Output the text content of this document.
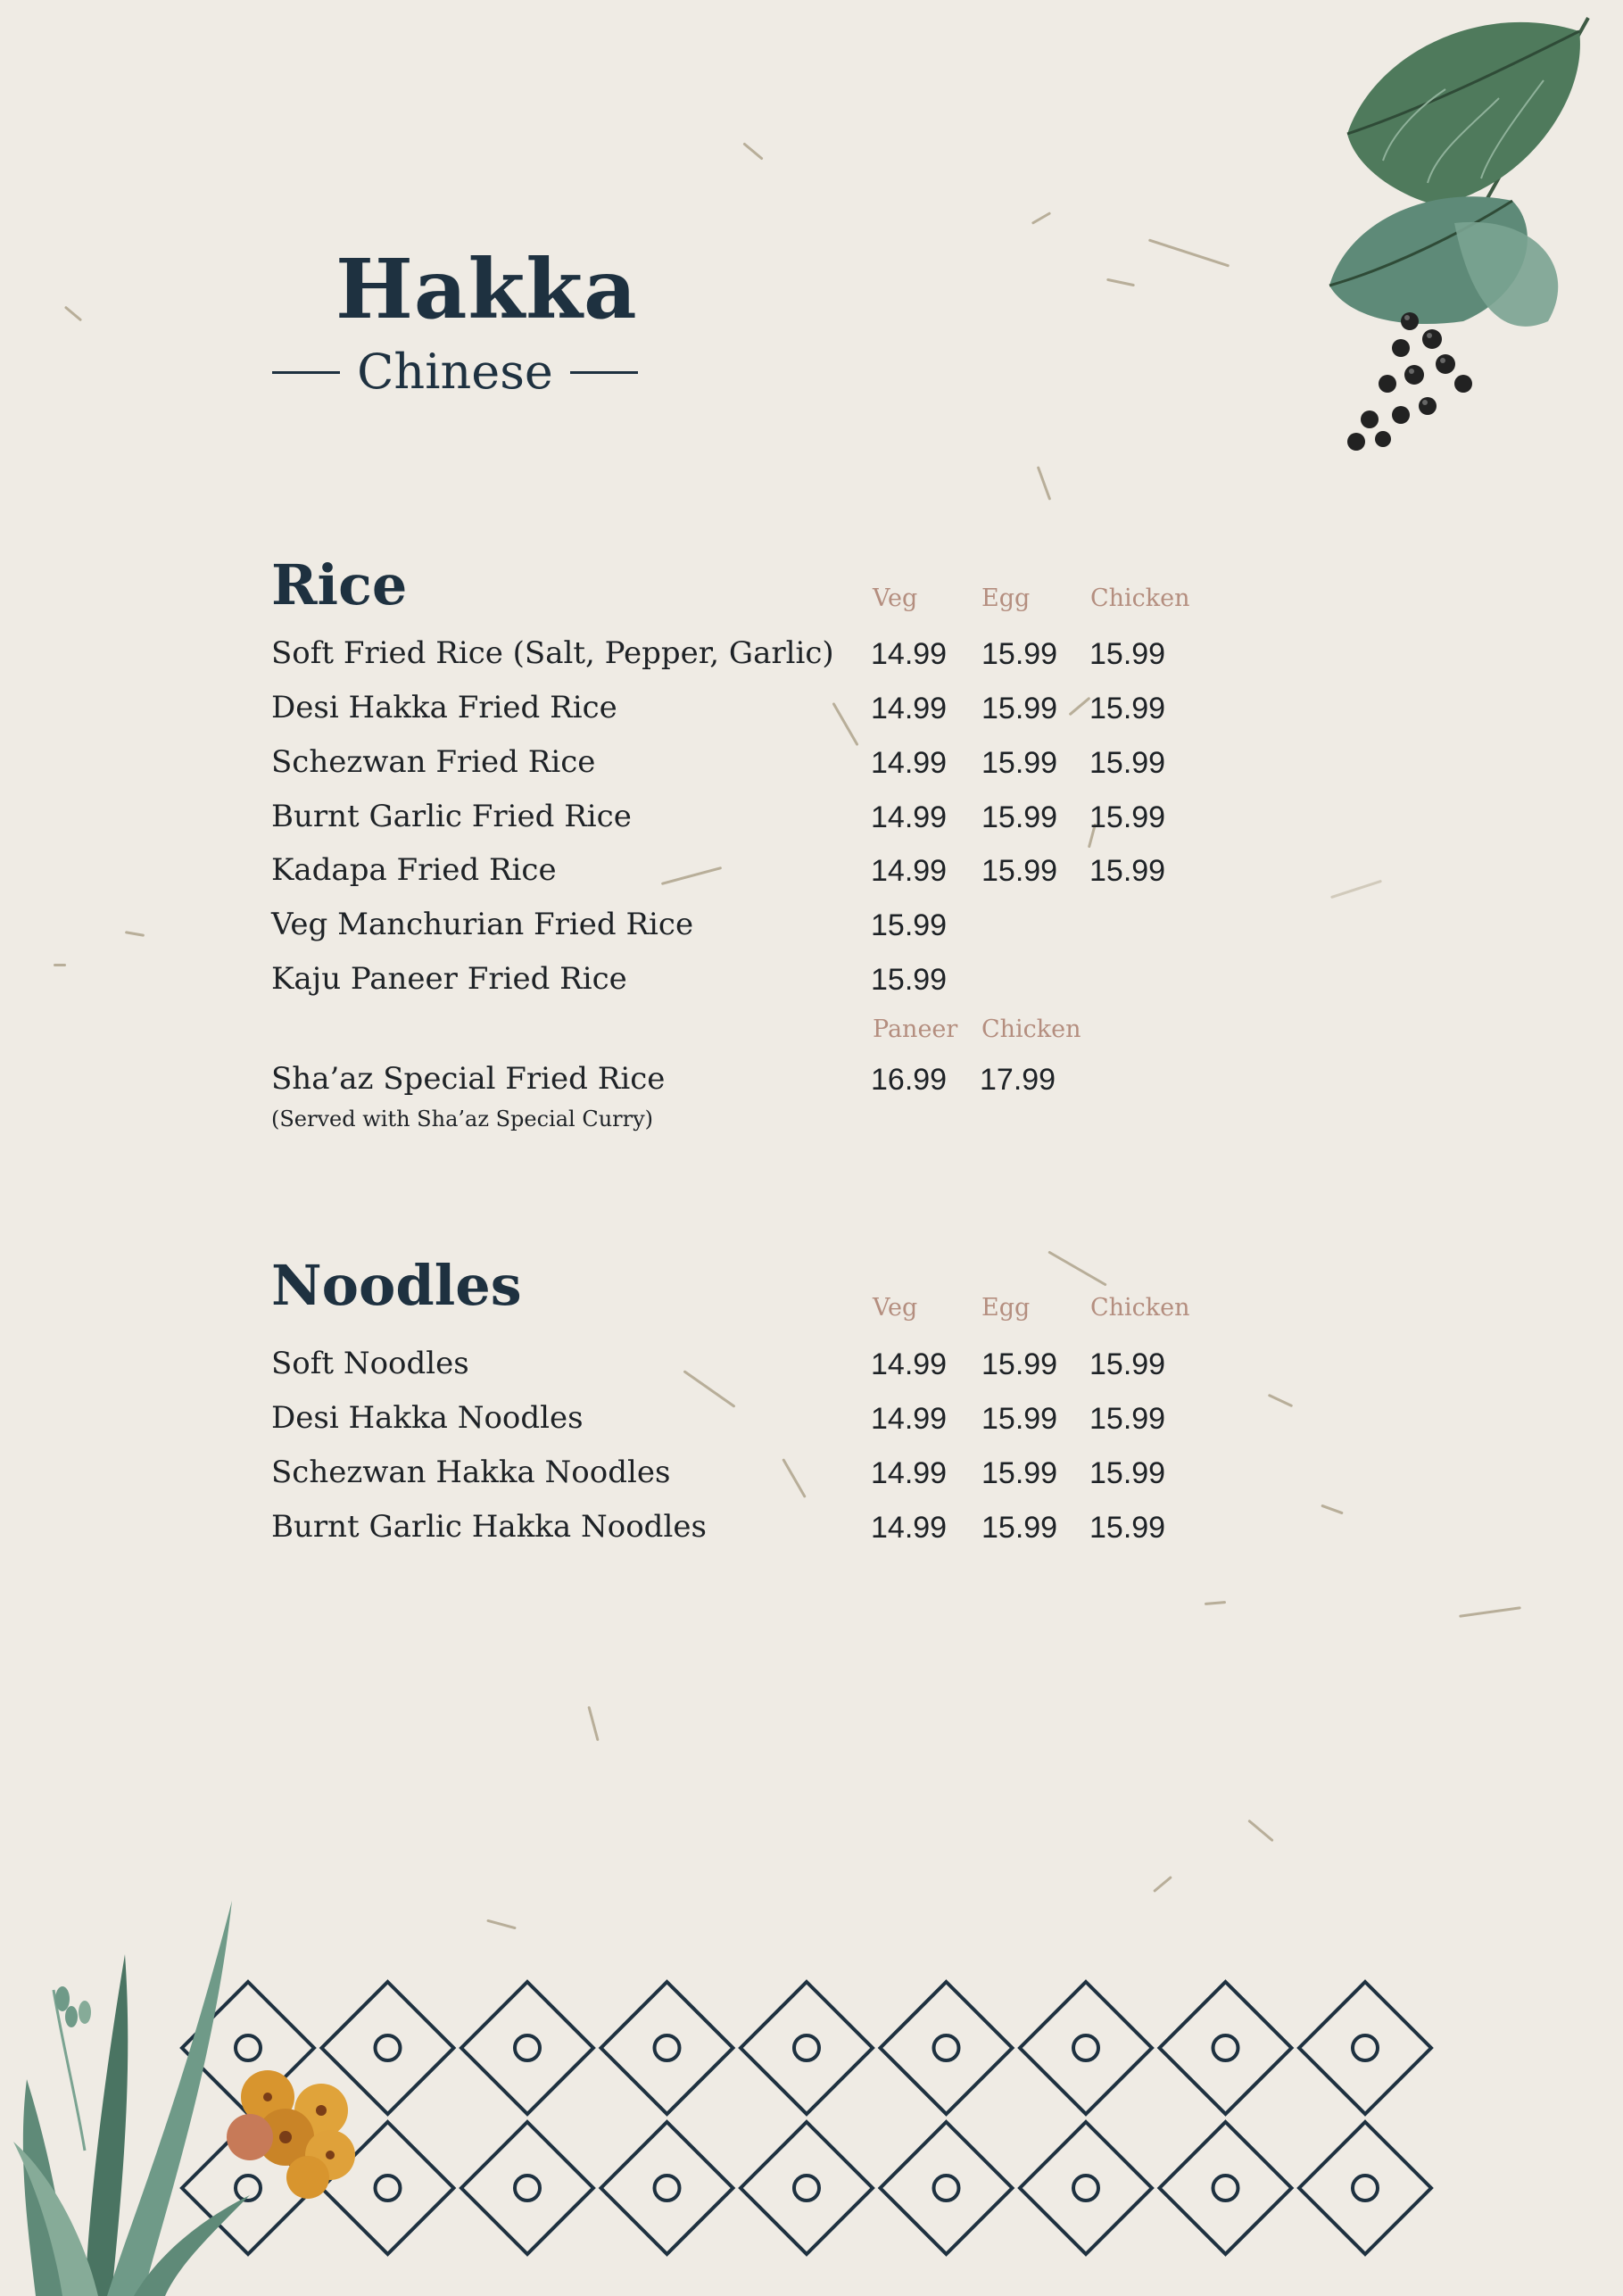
Hakka
Chinese
Rice	Veg	Egg	Chicken
Soft Fried Rice (Salt, Pepper, Garlic) 14.99 15.99 15.99
Desi Hakka Fried Rice	14.99 15.99 15.99
Schezwan Fried Rice	14.99 15.99 15.99
Burnt Garlic Fried Rice	14.99 15.99 15.99
Kadapa Fried Rice	14.99 15.99 15.99
Veg Manchurian Fried Rice	15.99
Kaju Paneer Fried Rice	15.99
Paneer Chicken
Sha’az Special Fried Rice	16.99 17.99
(Served with Sha’az Special Curry)
Noodles	Veg	Egg	Chicken
Soft Noodles	14.99 15.99 15.99
Desi Hakka Noodles	14.99 15.99 15.99
Schezwan Hakka Noodles	14.99 15.99 15.99
Burnt Garlic Hakka Noodles	14.99 15.99 15.99
